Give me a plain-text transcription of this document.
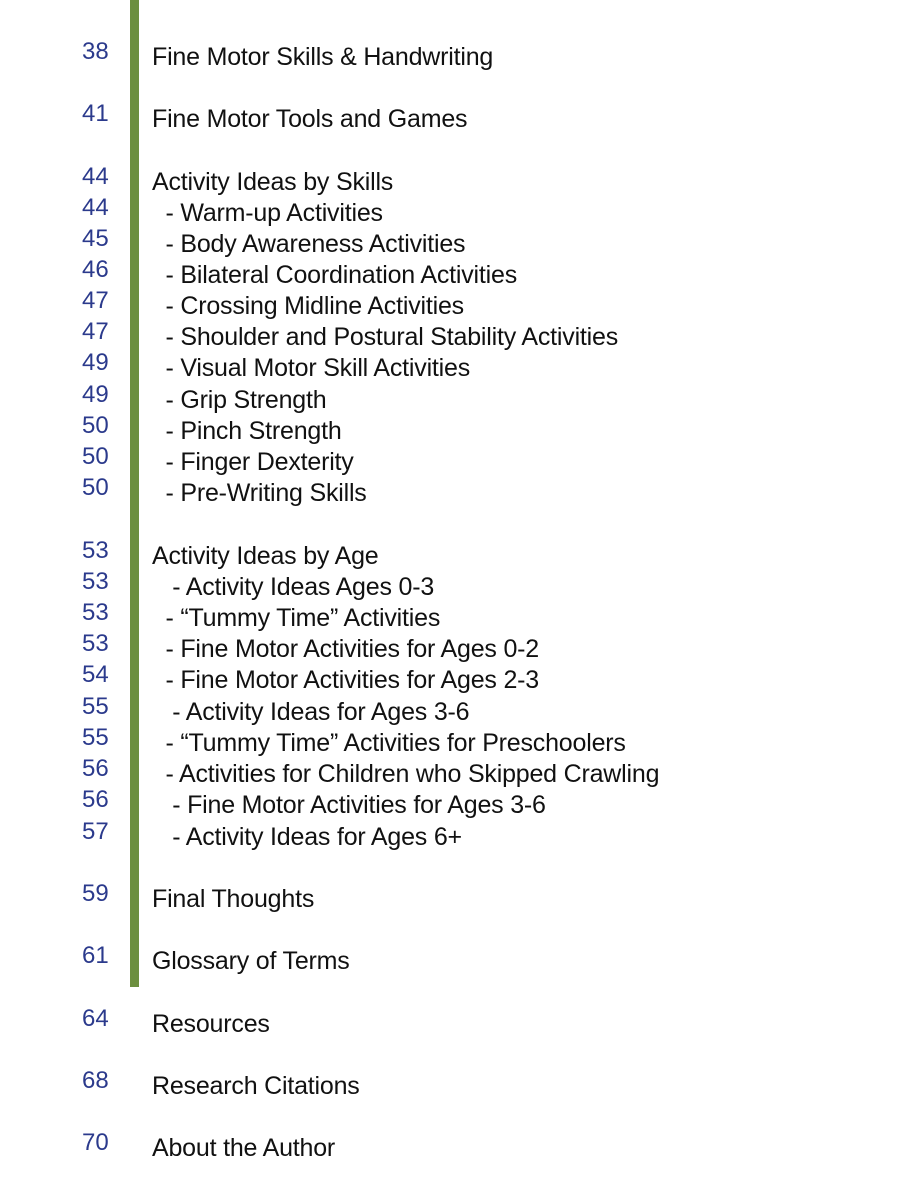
38	Fine Motor Skills & Handwriting
41	Fine Motor Tools and Games
44	Activity Ideas by Skills
44	- Warm-up Activities
45	- Body Awareness Activities
46	- Bilateral Coordination Activities
47	- Crossing Midline Activities
47	- Shoulder and Postural Stability Activities
49	- Visual Motor Skill Activities
49	- Grip Strength
50	- Pinch Strength
50	- Finger Dexterity
50	- Pre-Writing Skills
53	Activity Ideas by Age
53	- Activity Ideas Ages 0-3
53	- “Tummy Time” Activities
53	- Fine Motor Activities for Ages 0-2
54	- Fine Motor Activities for Ages 2-3
55	- Activity Ideas for Ages 3-6
55	- “Tummy Time” Activities for Preschoolers
56	- Activities for Children who Skipped Crawling
56	- Fine Motor Activities for Ages 3-6
57	- Activity Ideas for Ages 6+
59	Final Thoughts
61	Glossary of Terms
64	Resources
68	Research Citations
70	About the Author
